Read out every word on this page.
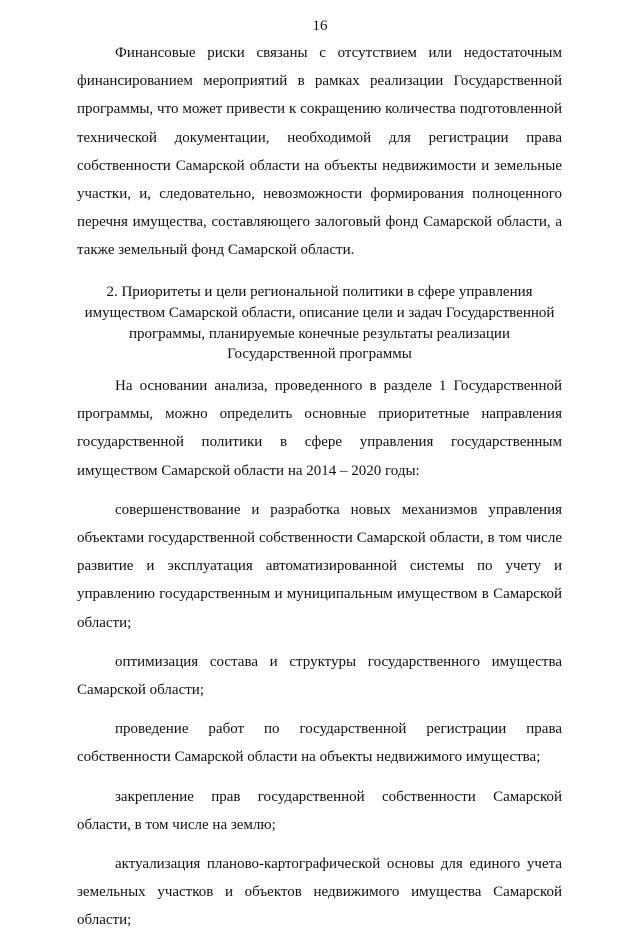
16

Финансовые риски связаны с отсутствием или недостаточным финансированием мероприятий в рамках реализации Государственной программы, что может привести к сокращению количества подготовленной технической документации, необходимой для регистрации права собственности Самарской области на объекты недвижимости и земельные участки, и, следовательно, невозможности формирования полноценного перечня имущества, составляющего залоговый фонд Самарской области, а также земельный фонд Самарской области.

2. Приоритеты и цели региональной политики в сфере управления имуществом Самарской области, описание цели и задач Государственной программы, планируемые конечные результаты реализации Государственной программы

На основании анализа, проведенного в разделе 1 Государственной программы, можно определить основные приоритетные направления государственной политики в сфере управления государственным имуществом Самарской области на 2014 – 2020 годы:

совершенствование и разработка новых механизмов управления объектами государственной собственности Самарской области, в том числе развитие и эксплуатация автоматизированной системы по учету и управлению государственным и муниципальным имуществом в Самарской области;

оптимизация состава и структуры государственного имущества Самарской области;

проведение работ по государственной регистрации права собственности Самарской области на объекты недвижимого имущества;

закрепление прав государственной собственности Самарской области, в том числе на землю;

актуализация планово-картографической основы для единого учета земельных участков и объектов недвижимого имущества Самарской области;
